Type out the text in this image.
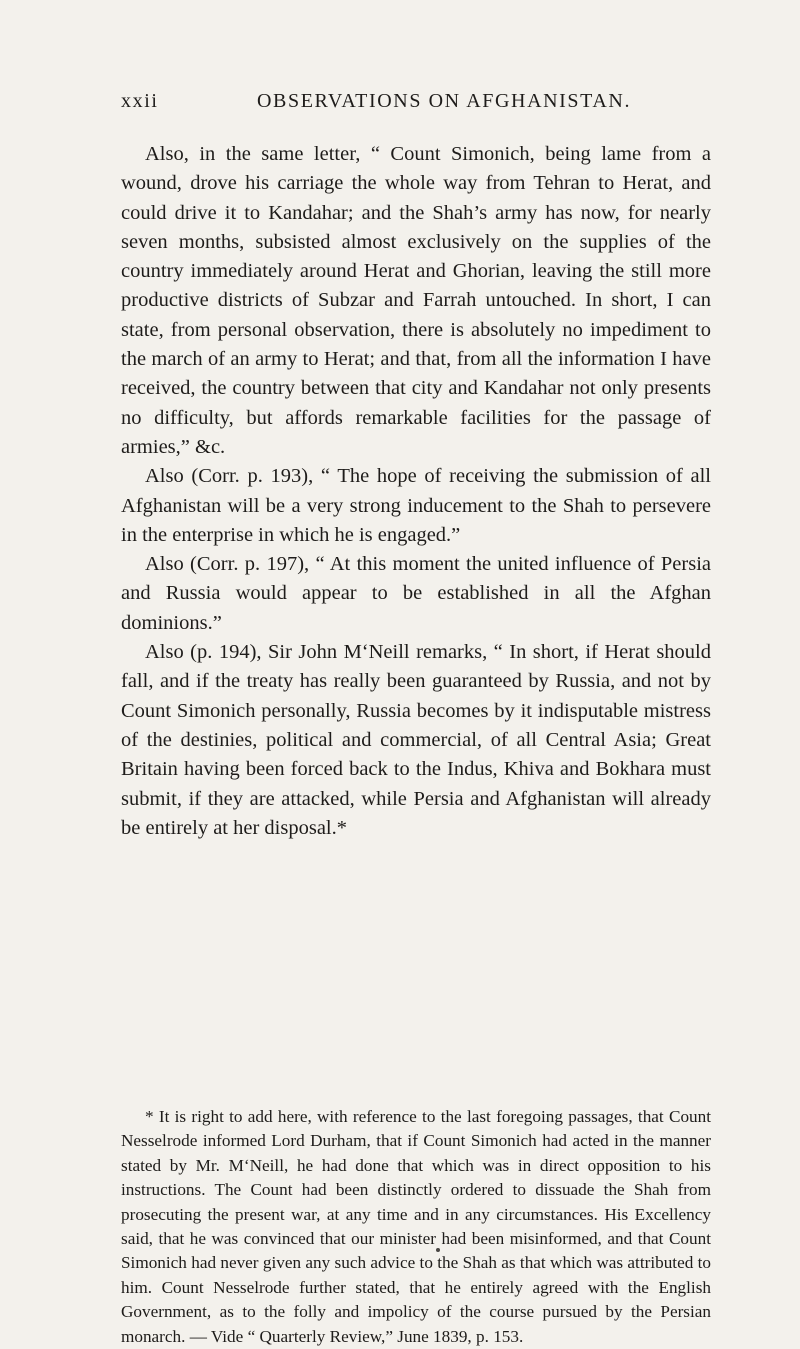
xxii	OBSERVATIONS ON AFGHANISTAN.

Also, in the same letter, “ Count Simonich, being lame from a wound, drove his carriage the whole way from Tehran to Herat, and could drive it to Kandahar; and the Shah’s army has now, for nearly seven months, subsisted almost exclusively on the supplies of the country immediately around Herat and Ghorian, leaving the still more productive districts of Subzar and Farrah untouched. In short, I can state, from personal observation, there is absolutely no impediment to the march of an army to Herat; and that, from all the information I have received, the country between that city and Kandahar not only presents no difficulty, but affords remarkable facilities for the passage of armies,” &c.

Also (Corr. p. 193), “ The hope of receiving the submission of all Afghanistan will be a very strong inducement to the Shah to persevere in the enterprise in which he is engaged.”

Also (Corr. p. 197), “ At this moment the united influence of Persia and Russia would appear to be established in all the Afghan dominions.”

Also (p. 194), Sir John M‘Neill remarks, “ In short, if Herat should fall, and if the treaty has really been guaranteed by Russia, and not by Count Simonich personally, Russia becomes by it indisputable mistress of the destinies, political and commercial, of all Central Asia; Great Britain having been forced back to the Indus, Khiva and Bokhara must submit, if they are attacked, while Persia and Afghanistan will already be entirely at her disposal.*

* It is right to add here, with reference to the last foregoing passages, that Count Nesselrode informed Lord Durham, that if Count Simonich had acted in the manner stated by Mr. M‘Neill, he had done that which was in direct opposition to his instructions. The Count had been distinctly ordered to dissuade the Shah from prosecuting the present war, at any time and in any circumstances. His Excellency said, that he was convinced that our minister had been misinformed, and that Count Simonich had never given any such advice to the Shah as that which was attributed to him. Count Nesselrode further stated, that he entirely agreed with the English Government, as to the folly and impolicy of the course pursued by the Persian monarch. — Vide “ Quarterly Review,” June 1839, p. 153.
